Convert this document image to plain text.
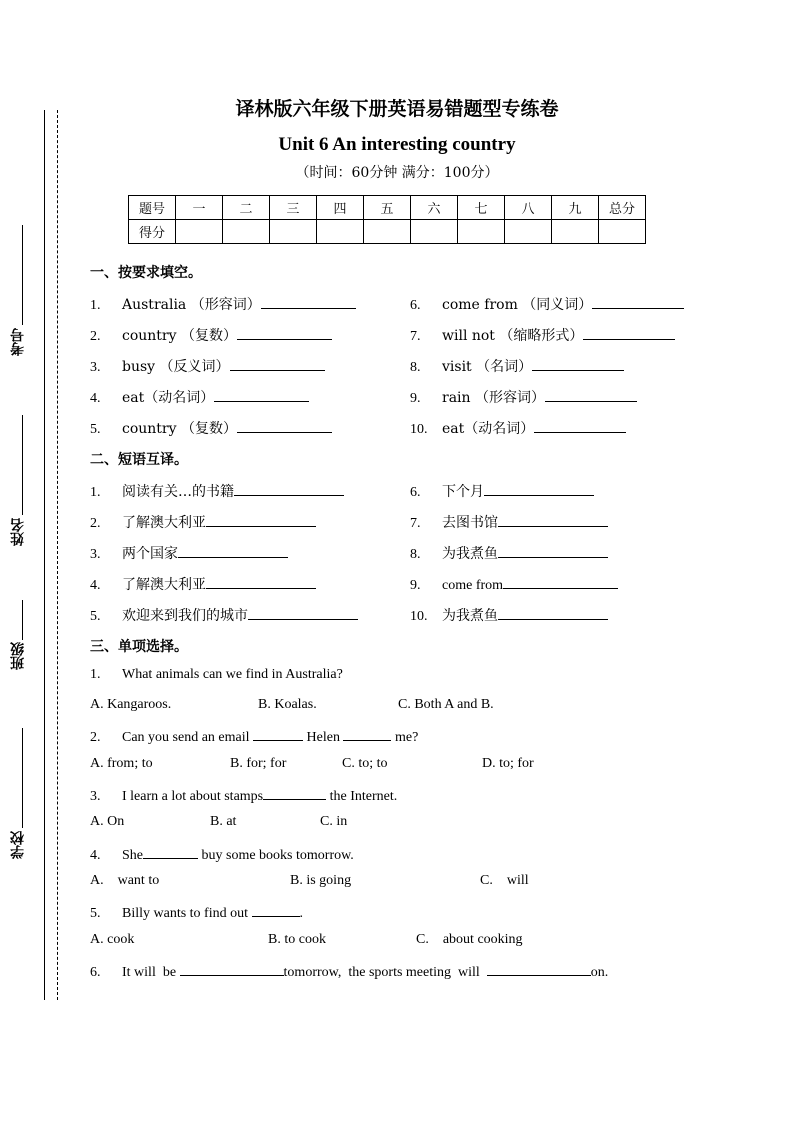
考号
姓名
班级
学校
译林版六年级下册英语易错题型专练卷
Unit 6 An interesting country
（时间：60分钟 满分：100分）
题号	一	二	三	四	五	六	七	八	九	总分
得分										
一、按要求填空。
1. Australia （形容词）
2. country （复数）
3. busy （反义词）
4. eat（动名词）
5. country （复数）
6. come from （同义词）
7. will not （缩略形式）
8. visit （名词）
9. rain （形容词）
10. eat（动名词）
二、短语互译。
1. 阅读有关…的书籍
2. 了解澳大利亚
3. 两个国家
4. 了解澳大利亚
5. 欢迎来到我们的城市
6. 下个月
7. 去图书馆
8. 为我煮鱼
9. come from
10. 为我煮鱼
三、单项选择。
1. What animals can we find in Australia?
A. Kangaroos.	B. Koalas.	C. Both A and B.
2. Can you send an email	Helen	me?
A. from; to	B. for; for	C. to; to	D. to; for
3. I learn a lot about stamps	the Internet.
A. On	B. at	C. in
4. She	buy some books tomorrow.
A.    want to	B. is going	C.    will
5. Billy wants to find out	.
A. cook	B. to cook	C.    about cooking
6. It will  be	tomorrow,  the sports meeting  will	on.
